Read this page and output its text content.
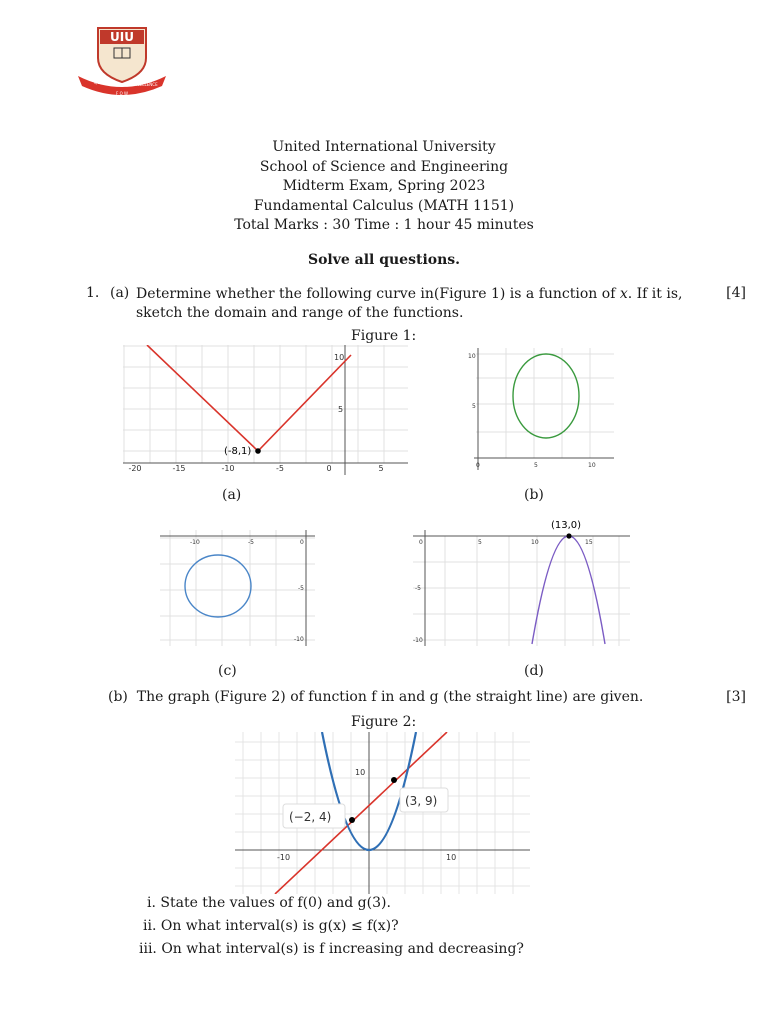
UIU
QUALITY	EXCELLENCE
F O W
United International University
School of Science and Engineering
Midterm Exam, Spring 2023
Fundamental Calculus (MATH 1151)
Total Marks : 30 Time : 1 hour 45 minutes
Solve all questions.
1. (a) Determine whether the following curve in(Figure 1) is a function of x. If it is, sketch the domain and range of the functions.
[4]
Figure 1:
-20	-15	-10	-5	0	5
5
10
(-8,1)
(a)
0	5	10
5
10
(b)
-10	-5	0
-5
-10
(c)
0	5	10	15
-5
-10
(13,0)
(d)
(b) The graph (Figure 2) of function f in and g (the straight line) are given.	[3]
Figure 2:
-10	10
10
(−2, 4)
(3, 9)
i. State the values of f(0) and g(3).
ii. On what interval(s) is g(x) ≤ f(x)?
iii. On what interval(s) is f increasing and decreasing?
